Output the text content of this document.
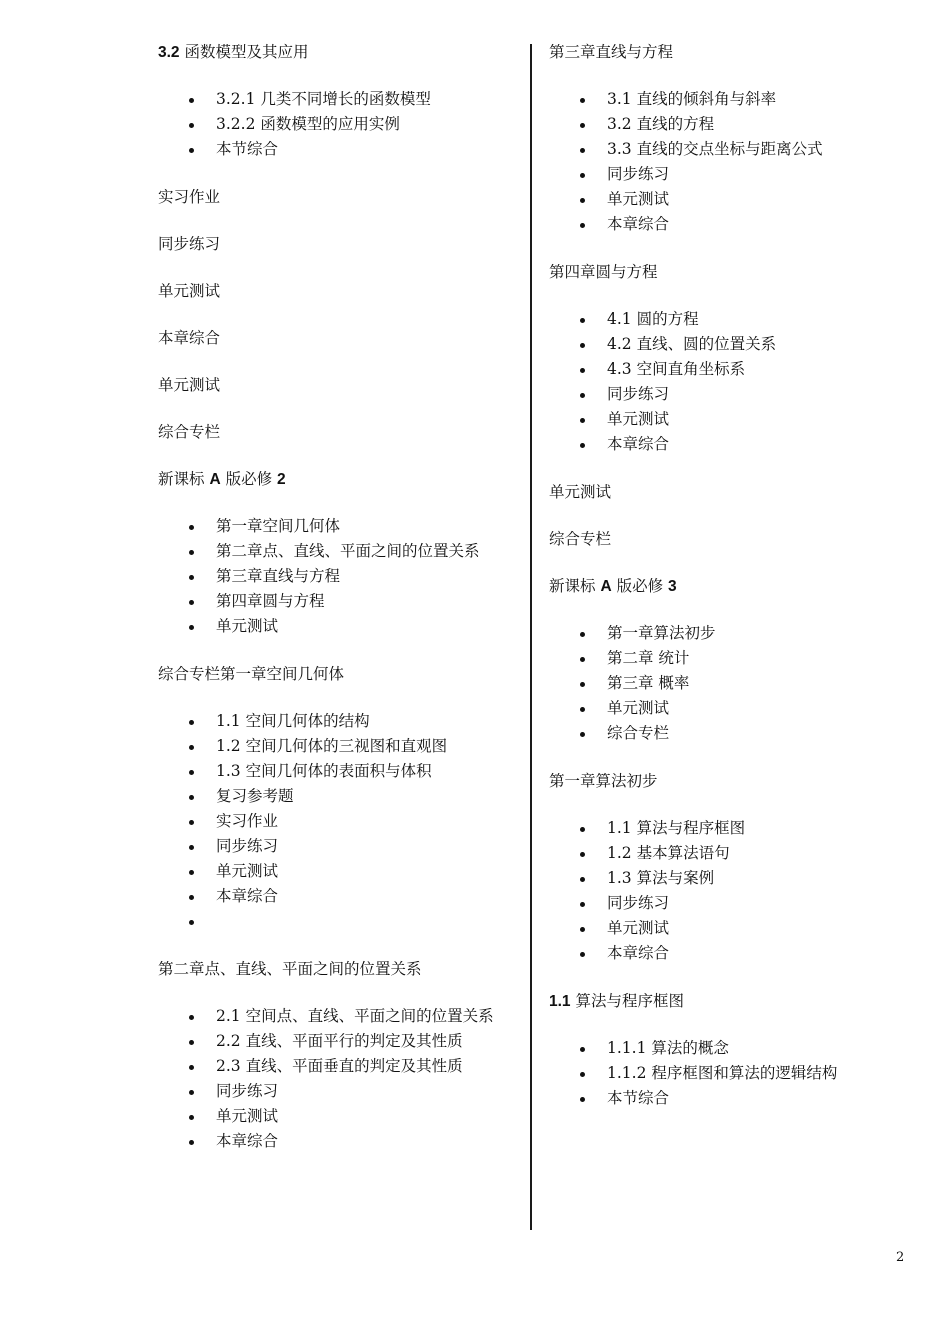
3.2 函数模型及其应用
3.2.1 几类不同增长的函数模型
3.2.2 函数模型的应用实例
本节综合
实习作业
同步练习
单元测试
本章综合
单元测试
综合专栏
新课标 A 版必修 2
第一章空间几何体
第二章点、直线、平面之间的位置关系
第三章直线与方程
第四章圆与方程
单元测试
综合专栏第一章空间几何体
1.1 空间几何体的结构
1.2 空间几何体的三视图和直观图
1.3 空间几何体的表面积与体积
复习参考题
实习作业
同步练习
单元测试
本章综合
第二章点、直线、平面之间的位置关系
2.1 空间点、直线、平面之间的位置关系
2.2 直线、平面平行的判定及其性质
2.3 直线、平面垂直的判定及其性质
同步练习
单元测试
本章综合
第三章直线与方程
3.1 直线的倾斜角与斜率
3.2 直线的方程
3.3 直线的交点坐标与距离公式
同步练习
单元测试
本章综合
第四章圆与方程
4.1 圆的方程
4.2 直线、圆的位置关系
4.3 空间直角坐标系
同步练习
单元测试
本章综合
单元测试
综合专栏
新课标 A 版必修 3
第一章算法初步
第二章 统计
第三章 概率
单元测试
综合专栏
第一章算法初步
1.1 算法与程序框图
1.2 基本算法语句
1.3 算法与案例
同步练习
单元测试
本章综合
1.1 算法与程序框图
1.1.1 算法的概念
1.1.2 程序框图和算法的逻辑结构
本节综合
2
